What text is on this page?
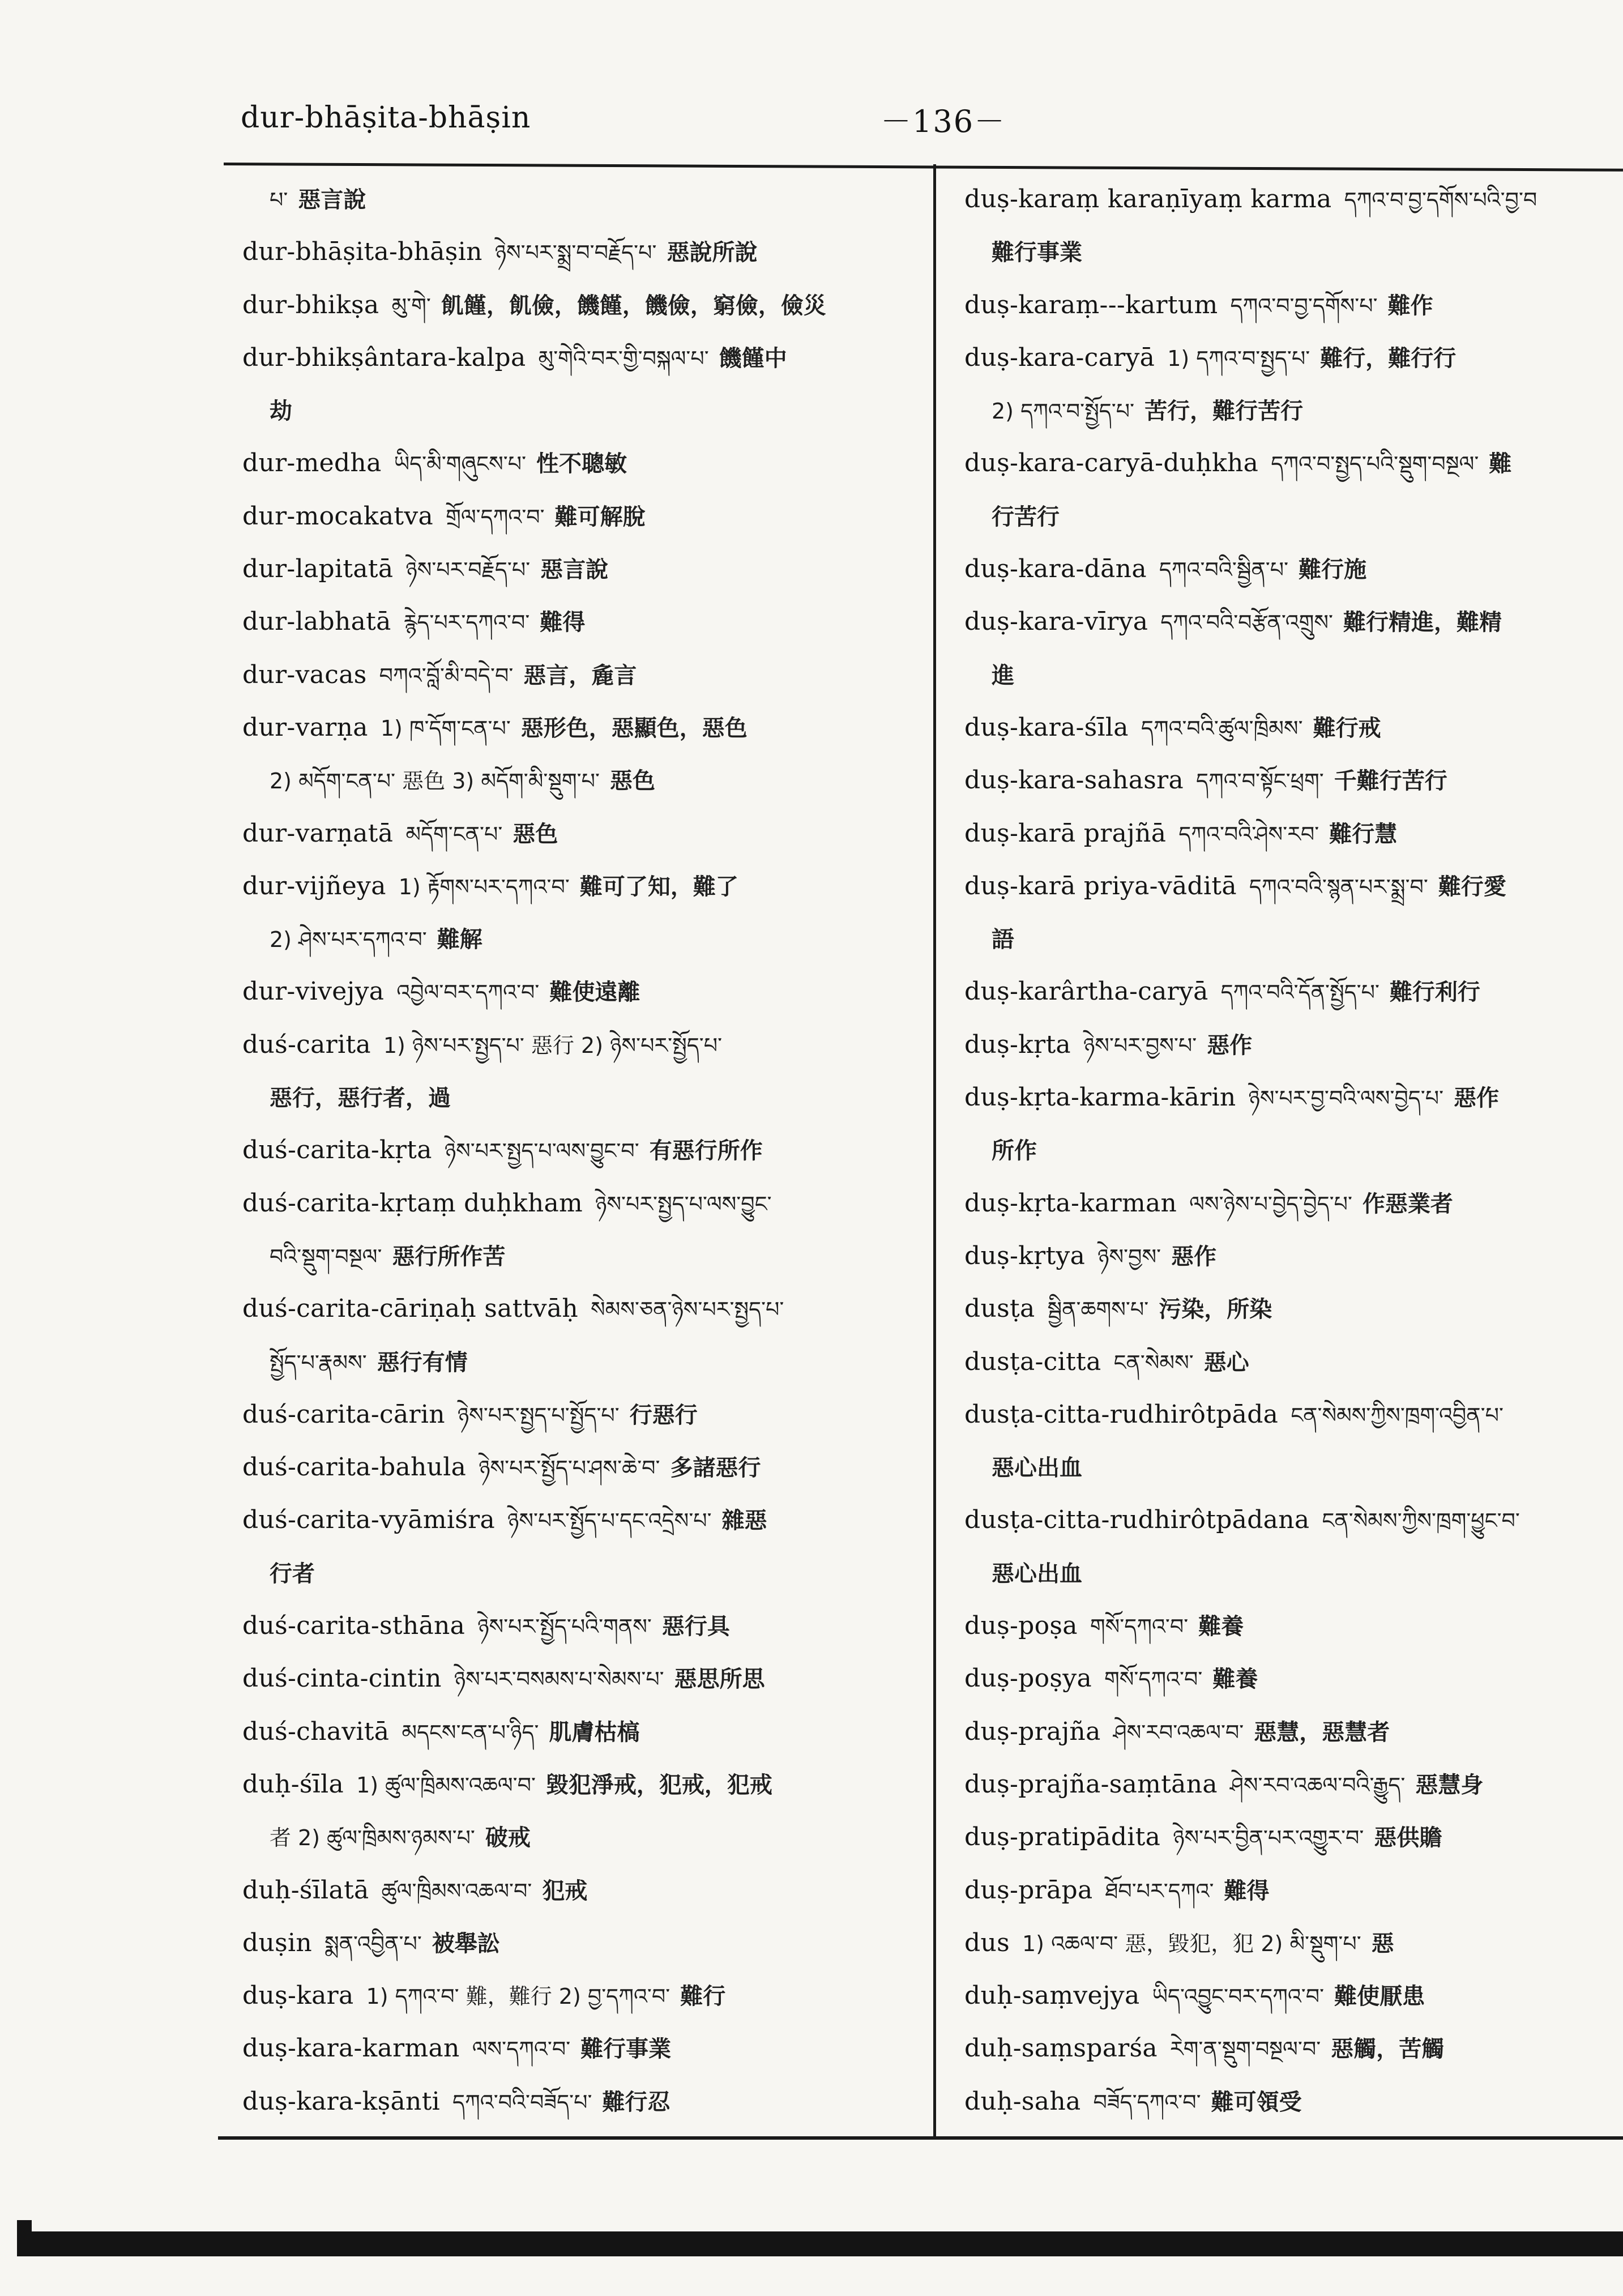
dur-bhāṣita-bhāṣin	－136－
པ་ 惡言說
dur-bhāṣita-bhāṣin ཉེས་པར་སྨྲ་བ་བརྗོད་པ་ 惡說所說
dur-bhikṣa མུ་གེ་ 飢饉，飢儉，饑饉，饑儉，窮儉，儉災
dur-bhikṣântara-kalpa མུ་གེའི་བར་གྱི་བསྐལ་པ་ 饑饉中
劫
dur-medha ཡིད་མི་གཞུངས་པ་ 性不聰敏
dur-mocakatva གྲོལ་དཀའ་བ་ 難可解脫
dur-lapitatā ཉེས་པར་བརྗོད་པ་ 惡言說
dur-labhatā རྙེད་པར་དཀའ་བ་ 難得
dur-vacas བཀའ་བློ་མི་བདེ་བ་ 惡言，麁言
dur-varṇa 1) ཁ་དོག་ངན་པ་ 惡形色，惡顯色，惡色
2) མདོག་ངན་པ་ 惡色 3) མདོག་མི་སྡུག་པ་ 惡色
dur-varṇatā མདོག་ངན་པ་ 惡色
dur-vijñeya 1) རྟོགས་པར་དཀའ་བ་ 難可了知，難了
2) ཤེས་པར་དཀའ་བ་ 難解
dur-vivejya འབྱེལ་བར་དཀའ་བ་ 難使遠離
duś-carita 1) ཉེས་པར་སྤྱད་པ་ 惡行 2) ཉེས་པར་སྤྱོད་པ་
惡行，惡行者，過
duś-carita-kṛta ཉེས་པར་སྤྱད་པ་ལས་བྱུང་བ་ 有惡行所作
duś-carita-kṛtaṃ duḥkham ཉེས་པར་སྤྱད་པ་ལས་བྱུང་
བའི་སྡུག་བསྔལ་ 惡行所作苦
duś-carita-cāriṇaḥ sattvāḥ སེམས་ཅན་ཉེས་པར་སྤྱད་པ་
སྤྱོད་པ་རྣམས་ 惡行有情
duś-carita-cārin ཉེས་པར་སྤྱད་པ་སྤྱོད་པ་ 行惡行
duś-carita-bahula ཉེས་པར་སྤྱོད་པ་ཤས་ཆེ་བ་ 多諸惡行
duś-carita-vyāmiśra ཉེས་པར་སྤྱོད་པ་དང་འདྲེས་པ་ 雜惡
行者
duś-carita-sthāna ཉེས་པར་སྤྱོད་པའི་གནས་ 惡行具
duś-cinta-cintin ཉེས་པར་བསམས་པ་སེམས་པ་ 惡思所思
duś-chavitā མདངས་ངན་པ་ཉིད་ 肌膚枯槁
duḥ-śīla 1) ཚུལ་ཁྲིམས་འཆལ་བ་ 毀犯淨戒，犯戒，犯戒
者 2) ཚུལ་ཁྲིམས་ཉམས་པ་ 破戒
duḥ-śīlatā ཚུལ་ཁྲིམས་འཆལ་བ་ 犯戒
duṣin སྨན་འབྱིན་པ་ 被舉訟
duṣ-kara 1) དཀའ་བ་ 難，難行 2) བྱ་དཀའ་བ་ 難行
duṣ-kara-karman ལས་དཀའ་བ་ 難行事業
duṣ-kara-kṣānti དཀའ་བའི་བཟོད་པ་ 難行忍
duṣ-karaṃ karaṇīyaṃ karma དཀའ་བ་བྱ་དགོས་པའི་བྱ་བ
難行事業
duṣ-karaṃ---kartum དཀའ་བ་བྱ་དགོས་པ་ 難作
duṣ-kara-caryā 1) དཀའ་བ་སྤྱད་པ་ 難行，難行行
2) དཀའ་བ་སྤྱོད་པ་ 苦行，難行苦行
duṣ-kara-caryā-duḥkha དཀའ་བ་སྤྱད་པའི་སྡུག་བསྔལ་ 難
行苦行
duṣ-kara-dāna དཀའ་བའི་སྦྱིན་པ་ 難行施
duṣ-kara-vīrya དཀའ་བའི་བརྩོན་འགྲུས་ 難行精進，難精
進
duṣ-kara-śīla དཀའ་བའི་ཚུལ་ཁྲིམས་ 難行戒
duṣ-kara-sahasra དཀའ་བ་སྟོང་ཕྲག་ 千難行苦行
duṣ-karā prajñā དཀའ་བའི་ཤེས་རབ་ 難行慧
duṣ-karā priya-vāditā དཀའ་བའི་སྙན་པར་སྨྲ་བ་ 難行愛
語
duṣ-karârtha-caryā དཀའ་བའི་དོན་སྤྱོད་པ་ 難行利行
duṣ-kṛta ཉེས་པར་བྱས་པ་ 惡作
duṣ-kṛta-karma-kārin ཉེས་པར་བྱ་བའི་ལས་བྱེད་པ་ 惡作
所作
duṣ-kṛta-karman ལས་ཉེས་པ་བྱེད་བྱེད་པ་ 作惡業者
duṣ-kṛtya ཉེས་བྱས་ 惡作
dusṭa སྦྱིན་ཆགས་པ་ 污染，所染
dusṭa-citta ངན་སེམས་ 惡心
dusṭa-citta-rudhirôtpāda ངན་སེམས་ཀྱིས་ཁྲག་འབྱིན་པ་
惡心出血
dusṭa-citta-rudhirôtpādana ངན་སེམས་ཀྱིས་ཁྲག་ཕྱུང་བ་
惡心出血
duṣ-poṣa གསོ་དཀའ་བ་ 難養
duṣ-poṣya གསོ་དཀའ་བ་ 難養
duṣ-prajña ཤེས་རབ་འཆལ་བ་ 惡慧，惡慧者
duṣ-prajña-saṃtāna ཤེས་རབ་འཆལ་བའི་རྒྱུད་ 惡慧身
duṣ-pratipādita ཉེས་པར་བྱིན་པར་འགྱུར་བ་ 惡供贍
duṣ-prāpa ཐོབ་པར་དཀའ་ 難得
dus 1) འཆལ་བ་ 惡，毀犯，犯 2) མི་སྡུག་པ་ 惡
duḥ-saṃvejya ཡིད་འབྱུང་བར་དཀའ་བ་ 難使厭患
duḥ-saṃsparśa རེག་ན་སྡུག་བསྔལ་བ་ 惡觸，苦觸
duḥ-saha བཟོད་དཀའ་བ་ 難可領受
